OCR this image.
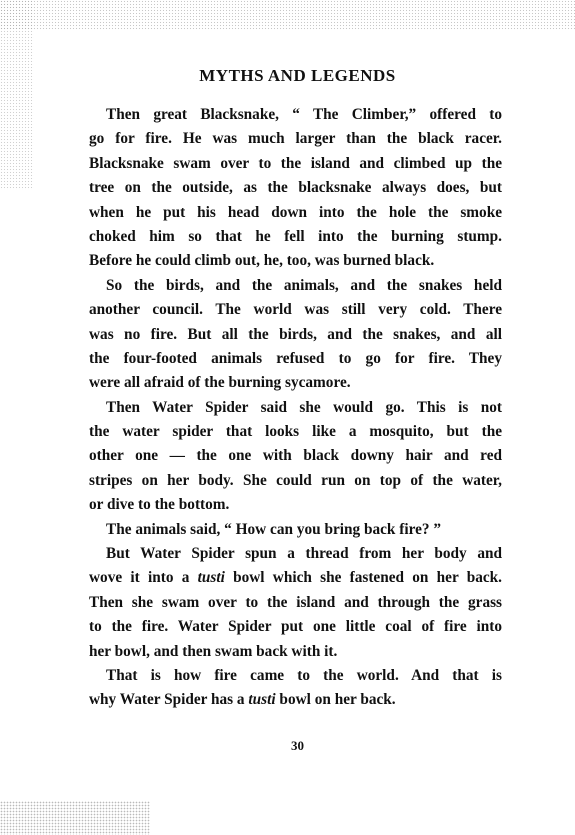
MYTHS AND LEGENDS
Then great Blacksnake, “ The Climber,” offered to
go for fire. He was much larger than the black racer.
Blacksnake swam over to the island and climbed up the
tree on the outside, as the blacksnake always does, but
when he put his head down into the hole the smoke
choked him so that he fell into the burning stump.
Before he could climb out, he, too, was burned black.
So the birds, and the animals, and the snakes held
another council. The world was still very cold. There
was no fire. But all the birds, and the snakes, and all
the four-footed animals refused to go for fire. They
were all afraid of the burning sycamore.
Then Water Spider said she would go. This is not
the water spider that looks like a mosquito, but the
other one — the one with black downy hair and red
stripes on her body. She could run on top of the water,
or dive to the bottom.
The animals said, “ How can you bring back fire? ”
But Water Spider spun a thread from her body and
wove it into a tusti bowl which she fastened on her back.
Then she swam over to the island and through the grass
to the fire. Water Spider put one little coal of fire into
her bowl, and then swam back with it.
That is how fire came to the world. And that is
why Water Spider has a tusti bowl on her back.
30
